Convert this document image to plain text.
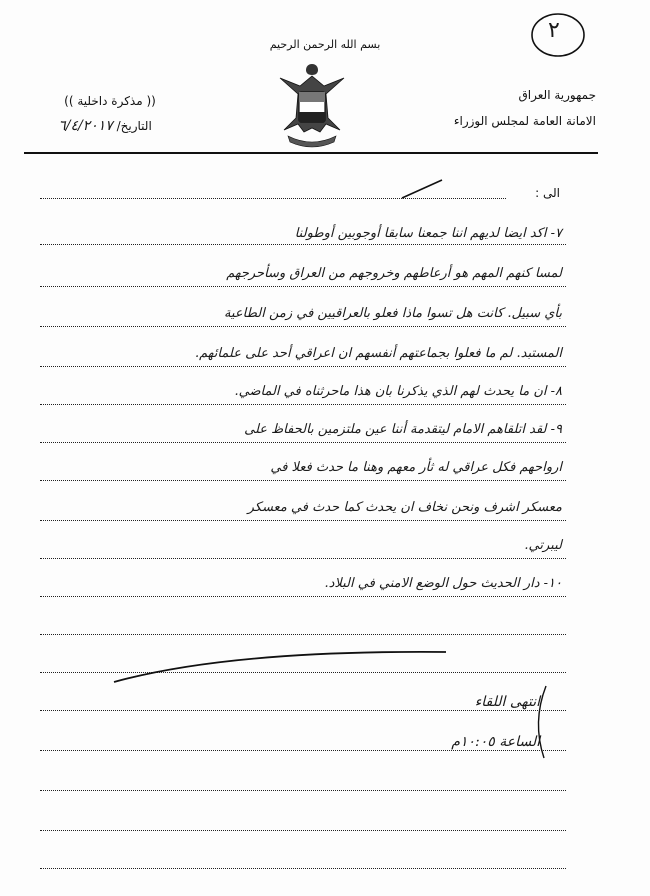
٢
بسم الله الرحمن الرحيم
جمهورية العراق
الامانة العامة لمجلس الوزراء
(( مذكرة داخلية ))
التاريخ/ ٦/٤/٢٠١٧
الى :
٧- اكد ايضا لديهم اننا جمعنا سابقا أوجوبين أوطولنا
لمسا كنهم المهم هو أرعاطهم وخروجهم من العراق وسأحرجهم
بأي سبيل. كانت هل تسوا ماذا فعلو بالعراقيين في زمن الطاعية
المستبد. لم ما فعلوا بجماعتهم أنفسهم ان اعراقي أحد على علمائهم.
٨- ان ما يحدث لهم الذي يذكرنا بان هذا ماحرثناه في الماضي.
٩- لقد اتلقاهم الامام ليتقدمة أننا عين ملتزمين بالحفاظ على
ارواحهم فكل عراقي له ثأر معهم وهنا ما حدث فعلا في
معسكر اشرف ونحن نخاف ان يحدث كما حدث في معسكر
ليبرتي.
١٠- دار الحديث حول الوضع الامني في البلاد.
انتهى اللقاء
الساعة ١٠:٠٥م
